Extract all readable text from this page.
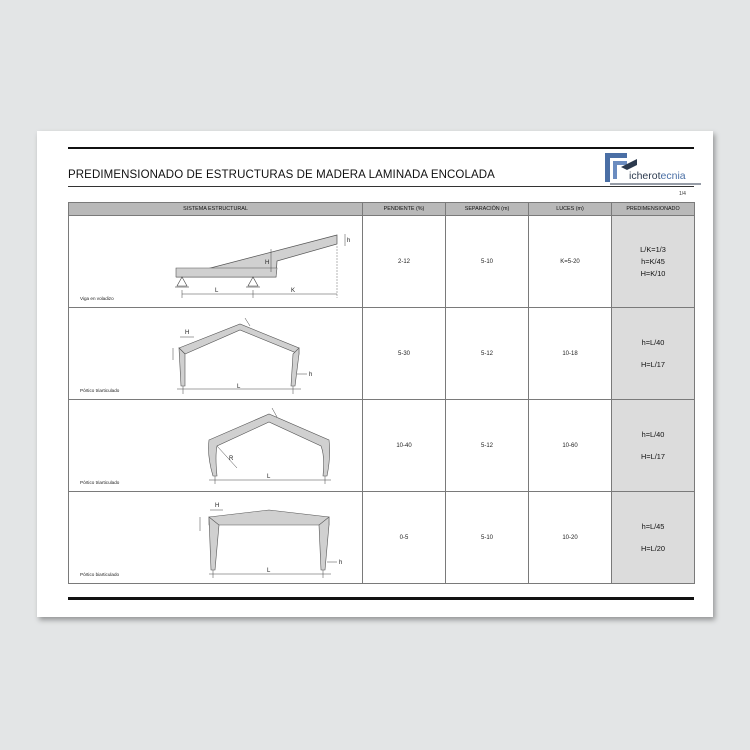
PREDIMENSIONADO DE ESTRUCTURAS DE MADERA LAMINADA ENCOLADA	icherotecnia
1/4
SISTEMA ESTRUCTURAL	PENDIENTE (%)	SEPARACIÓN (m)	LUCES (m)	PREDIMENSIONADO

h
H
L K
Viga en voladizo	2-12	5-10	K=5-20	L/K=1/3
h=K/45
H=K/10

H
h
L
Pórtico triarticulado	5-30	5-12	10-18	h=L/40
H=L/17

R
L
Pórtico triarticulado	10-40	5-12	10-60	h=L/40
H=L/17

H
h
L
Pórtico biarticulado	0-5	5-10	10-20	h=L/45
H=L/20
